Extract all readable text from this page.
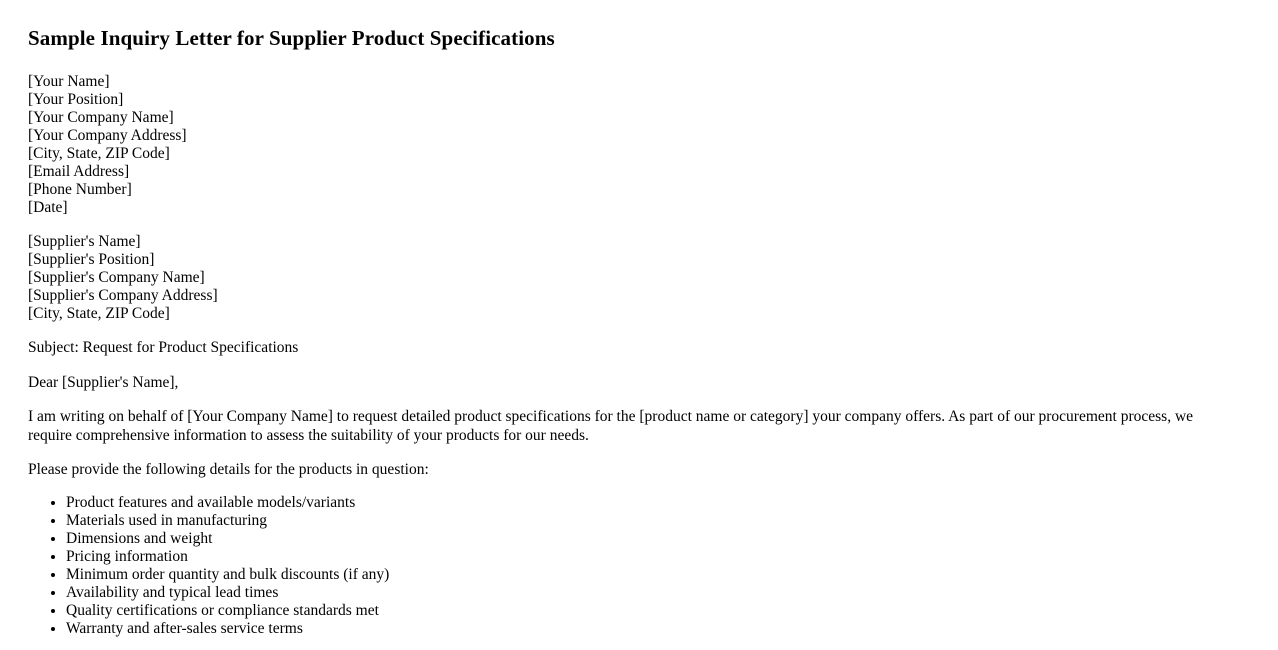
Sample Inquiry Letter for Supplier Product Specifications
[Your Name]
[Your Position]
[Your Company Name]
[Your Company Address]
[City, State, ZIP Code]
[Email Address]
[Phone Number]
[Date]
[Supplier's Name]
[Supplier's Position]
[Supplier's Company Name]
[Supplier's Company Address]
[City, State, ZIP Code]
Subject: Request for Product Specifications
Dear [Supplier's Name],
I am writing on behalf of [Your Company Name] to request detailed product specifications for the [product name or category] your company offers. As part of our procurement process, we require comprehensive information to assess the suitability of your products for our needs.
Please provide the following details for the products in question:
• Product features and available models/variants
• Materials used in manufacturing
• Dimensions and weight
• Pricing information
• Minimum order quantity and bulk discounts (if any)
• Availability and typical lead times
• Quality certifications or compliance standards met
• Warranty and after-sales service terms
